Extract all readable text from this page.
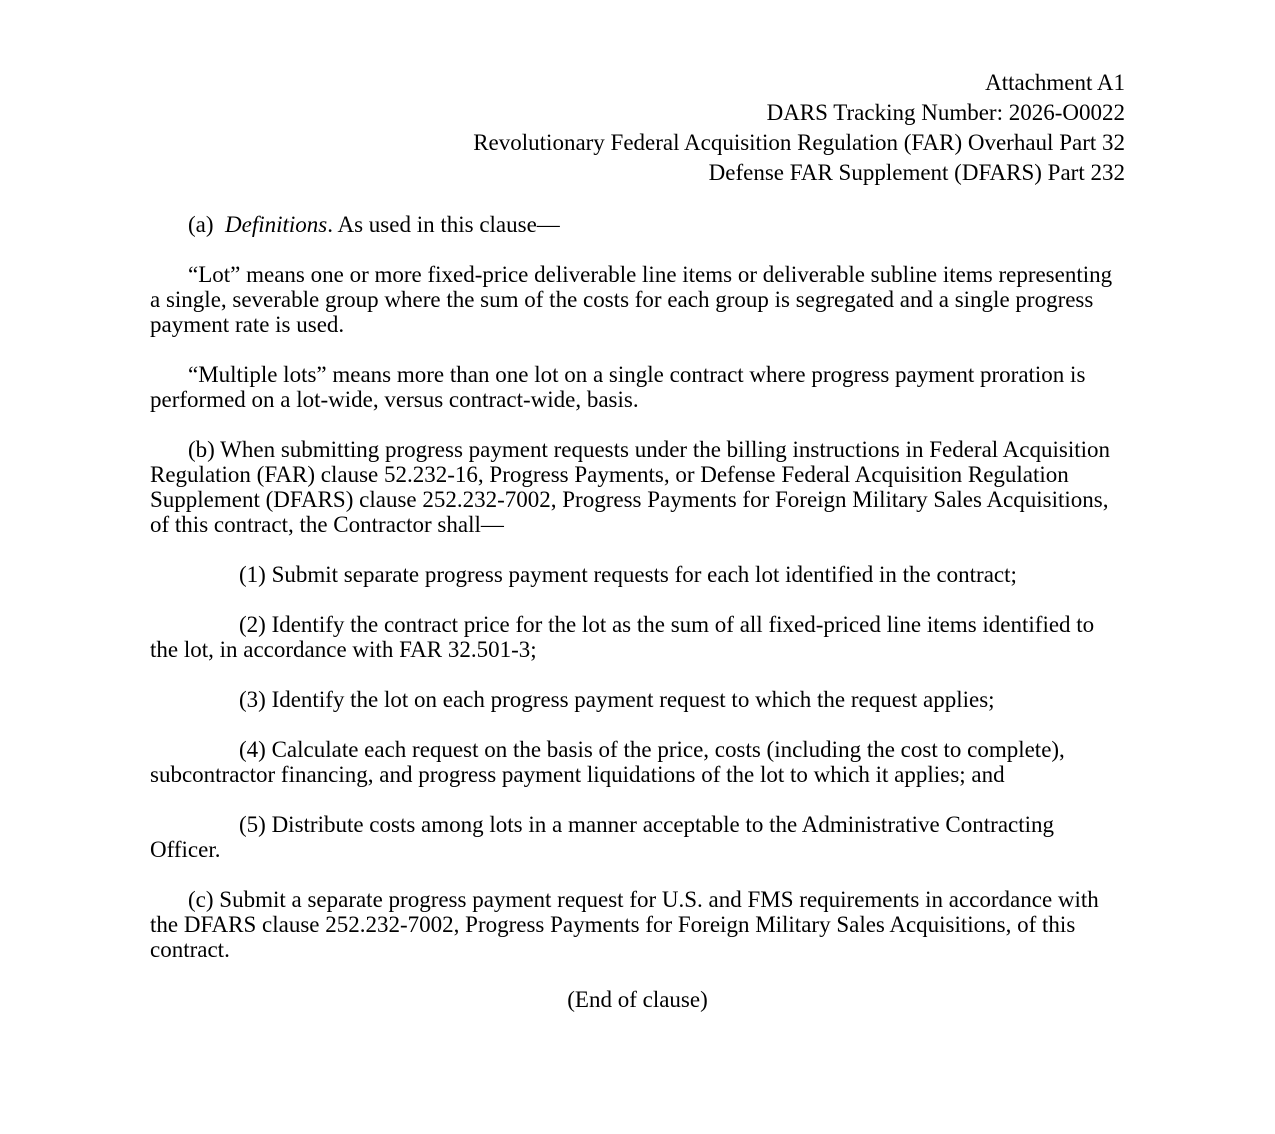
Attachment A1
DARS Tracking Number: 2026-O0022
Revolutionary Federal Acquisition Regulation (FAR) Overhaul Part 32
Defense FAR Supplement (DFARS) Part 232

(a) Definitions. As used in this clause—

“Lot” means one or more fixed-price deliverable line items or deliverable subline items representing a single, severable group where the sum of the costs for each group is segregated and a single progress payment rate is used.

“Multiple lots” means more than one lot on a single contract where progress payment proration is performed on a lot-wide, versus contract-wide, basis.

(b) When submitting progress payment requests under the billing instructions in Federal Acquisition Regulation (FAR) clause 52.232-16, Progress Payments, or Defense Federal Acquisition Regulation Supplement (DFARS) clause 252.232-7002, Progress Payments for Foreign Military Sales Acquisitions, of this contract, the Contractor shall—

(1) Submit separate progress payment requests for each lot identified in the contract;

(2) Identify the contract price for the lot as the sum of all fixed-priced line items identified to the lot, in accordance with FAR 32.501-3;

(3) Identify the lot on each progress payment request to which the request applies;

(4) Calculate each request on the basis of the price, costs (including the cost to complete), subcontractor financing, and progress payment liquidations of the lot to which it applies; and

(5) Distribute costs among lots in a manner acceptable to the Administrative Contracting Officer.

(c) Submit a separate progress payment request for U.S. and FMS requirements in accordance with the DFARS clause 252.232-7002, Progress Payments for Foreign Military Sales Acquisitions, of this contract.

(End of clause)
